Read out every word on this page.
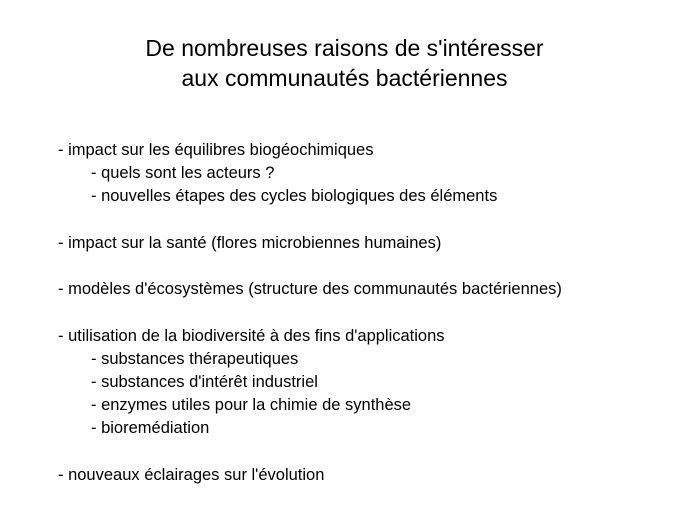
De nombreuses raisons de s'intéresser
aux communautés bactériennes
- impact sur les équilibres biogéochimiques
- quels sont les acteurs ?
- nouvelles étapes des cycles biologiques des éléments
- impact sur la santé (flores microbiennes humaines)
- modèles d'écosystèmes (structure des communautés bactériennes)
- utilisation de la biodiversité à des fins d'applications
- substances thérapeutiques
- substances d'intérêt industriel
- enzymes utiles pour la chimie de synthèse
- bioremédiation
- nouveaux éclairages sur l'évolution
